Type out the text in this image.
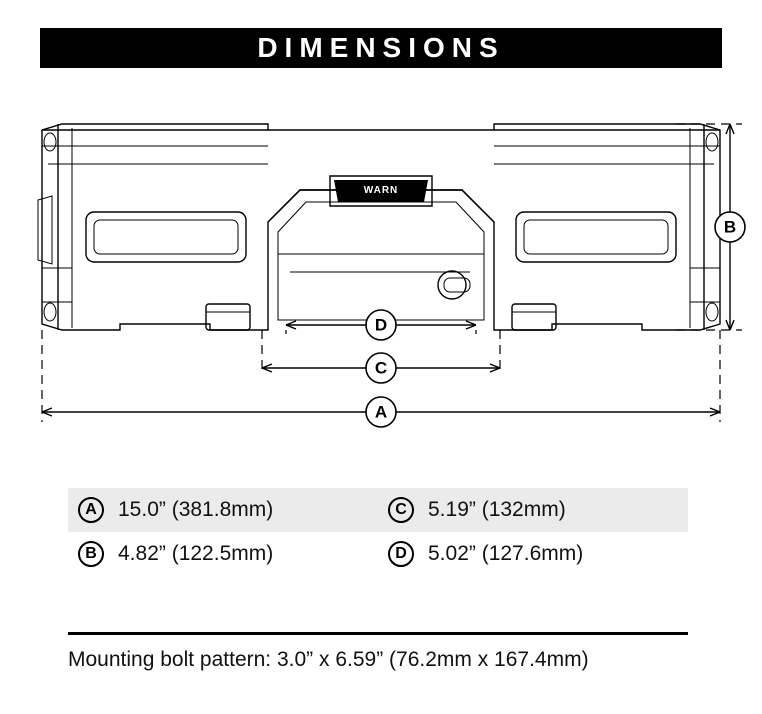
DIMENSIONS
WARN
B
D
C
A
A	15.0” (381.8mm)	C	5.19” (132mm)
B	4.82” (122.5mm)	D	5.02” (127.6mm)
Mounting bolt pattern: 3.0” x 6.59” (76.2mm x 167.4mm)
